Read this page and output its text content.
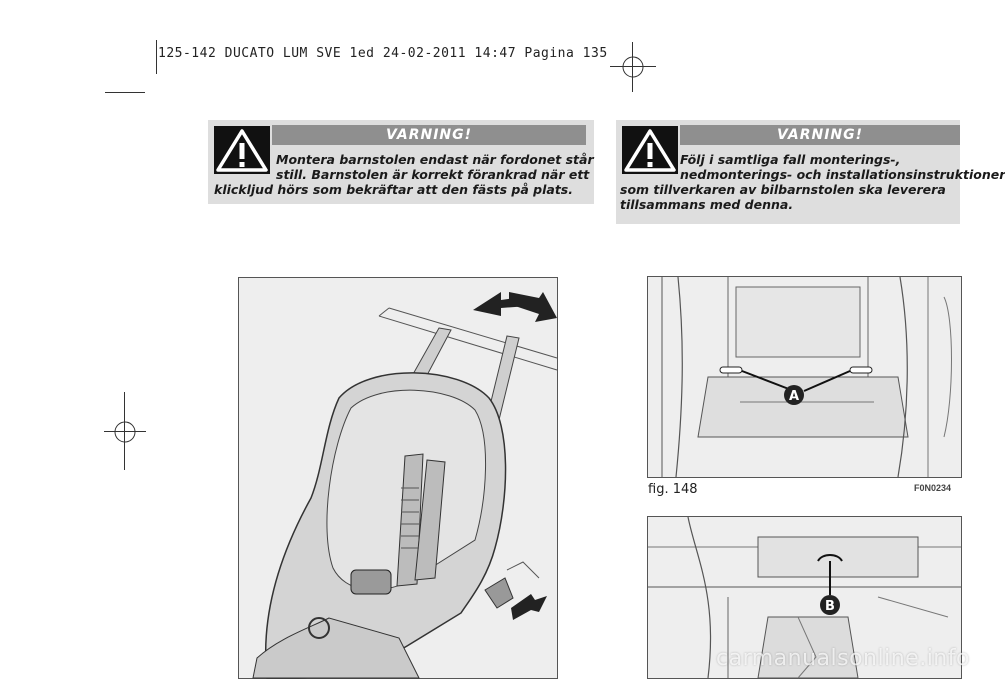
125-142 DUCATO LUM SVE 1ed 24-02-2011 14:47 Pagina 135
VARNING!
Montera barnstolen endast när fordonet står
still. Barnstolen är korrekt förankrad när ett
klickljud hörs som bekräftar att den fästs på plats.
VARNING!
Följ i samtliga fall monterings-,
nedmonterings- och installationsinstruktioner
som tillverkaren av bilbarnstolen ska leverera
tillsammans med denna.
A
fig. 148	F0N0234
B
carmanualsonline.info
